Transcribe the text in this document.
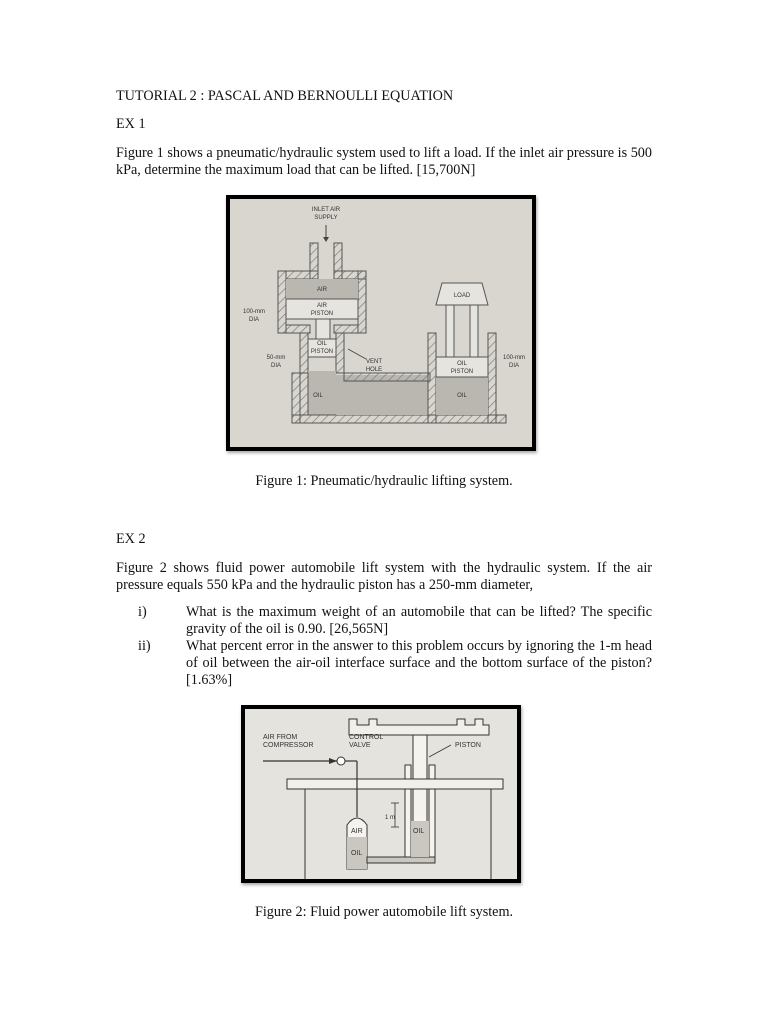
TUTORIAL 2 : PASCAL AND BERNOULLI EQUATION
EX 1
Figure 1 shows a pneumatic/hydraulic system used to lift a load. If the inlet air pressure is 500 kPa, determine the maximum load that can be lifted. [15,700N]
INLET AIR
SUPPLY
AIR
AIR
PISTON
100-mm
DIA
OIL
PISTON
50-mm
DIA
VENT
HOLE
OIL
LOAD
OIL
PISTON
100-mm
DIA
OIL
Figure 1: Pneumatic/hydraulic lifting system.
EX 2
Figure 2 shows fluid power automobile lift system with the hydraulic system. If the air pressure equals 550 kPa and the hydraulic piston has a 250-mm diameter,
i)	What is the maximum weight of an automobile that can be lifted? The specific gravity of the oil is 0.90. [26,565N]
ii)	What percent error in the answer to this problem occurs by ignoring the 1-m head of oil between the air-oil interface surface and the bottom surface of the piston? [1.63%]
AIR FROM
COMPRESSOR
CONTROL
VALVE	PISTON
1 m
AIR	OIL
OIL
Figure 2: Fluid power automobile lift system.
